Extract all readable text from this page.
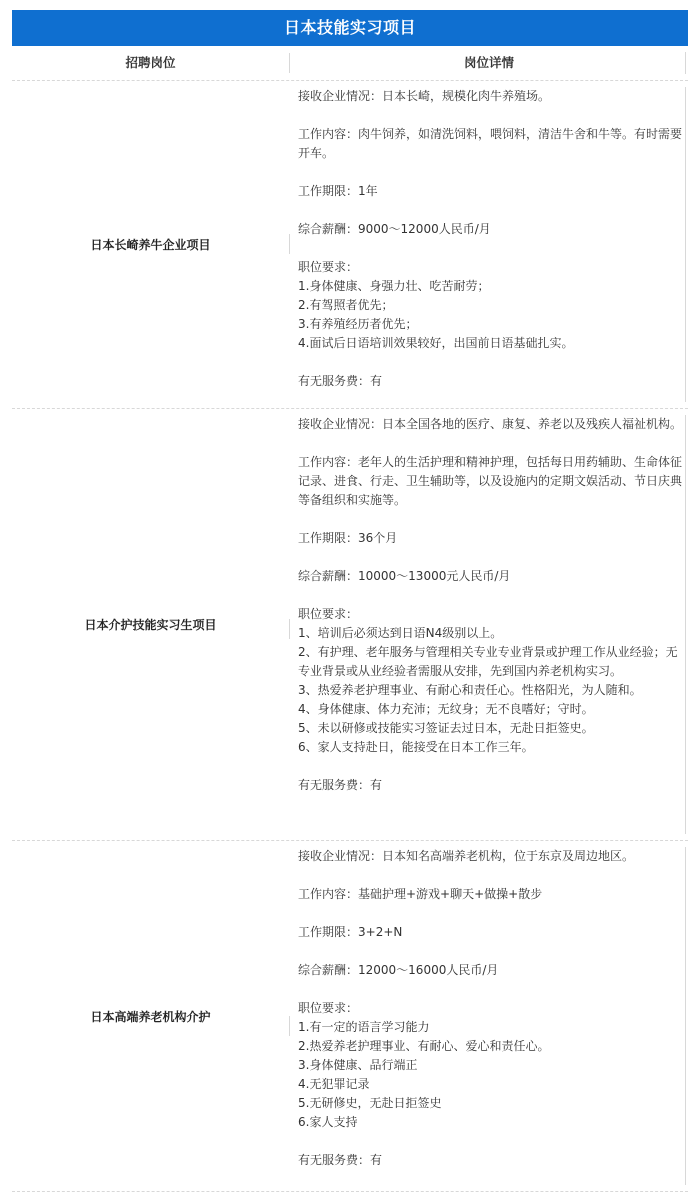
日本技能实习项目
招聘岗位	岗位详情
日本长崎养牛企业项目

接收企业情况：日本长崎，规模化肉牛养殖场。

工作内容：肉牛饲养，如清洗饲料，喂饲料，清洁牛舍和牛等。有时需要开车。

工作期限：1年

综合薪酬：9000～12000人民币/月

职位要求：
1.身体健康、身强力壮、吃苦耐劳；
2.有驾照者优先；
3.有养殖经历者优先；
4.面试后日语培训效果较好，出国前日语基础扎实。

有无服务费：有

日本介护技能实习生项目

接收企业情况：日本全国各地的医疗、康复、养老以及残疾人福祉机构。

工作内容：老年人的生活护理和精神护理，包括每日用药辅助、生命体征记录、进食、行走、卫生辅助等，以及设施内的定期文娱活动、节日庆典等备组织和实施等。

工作期限：36个月

综合薪酬：10000～13000元人民币/月

职位要求：
1、培训后必须达到日语N4级别以上。
2、有护理、老年服务与管理相关专业专业背景或护理工作从业经验；无专业背景或从业经验者需服从安排，先到国内养老机构实习。
3、热爱养老护理事业、有耐心和责任心。性格阳光，为人随和。
4、身体健康、体力充沛；无纹身；无不良嗜好；守时。
5、未以研修或技能实习签证去过日本，无赴日拒签史。
6、家人支持赴日，能接受在日本工作三年。

有无服务费：有

日本高端养老机构介护

接收企业情况：日本知名高端养老机构，位于东京及周边地区。

工作内容：基础护理+游戏+聊天+做操+散步

工作期限：3+2+N

综合薪酬：12000～16000人民币/月

职位要求：
1.有一定的语言学习能力
2.热爱养老护理事业、有耐心、爱心和责任心。
3.身体健康、品行端正
4.无犯罪记录
5.无研修史，无赴日拒签史
6.家人支持

有无服务费：有
